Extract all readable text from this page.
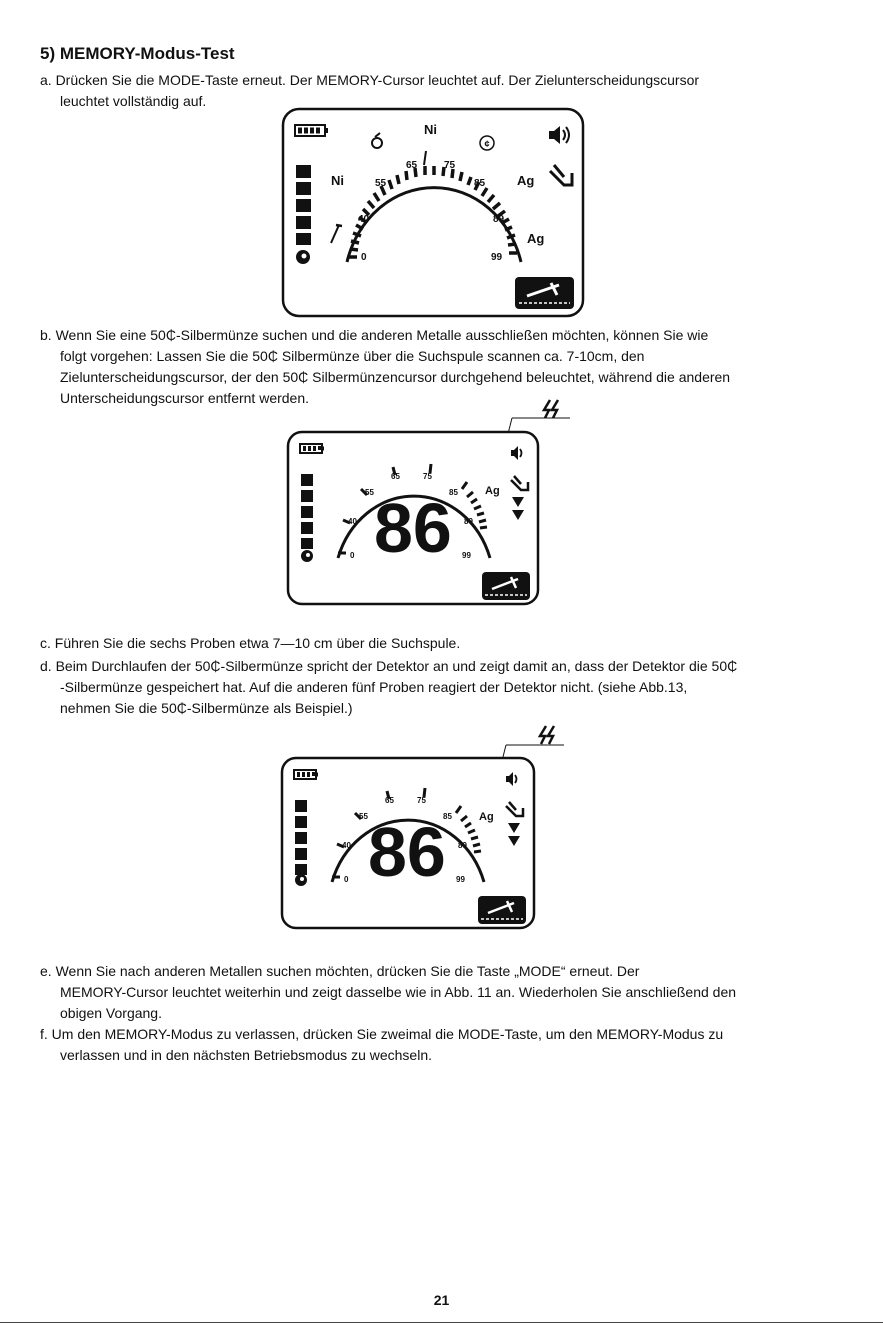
5) MEMORY-Modus-Test
a. Drücken Sie die MODE-Taste erneut. Der MEMORY-Cursor leuchtet auf. Der Zielunterscheidungscursor
leuchtet vollständig auf.
¢
0
40
55
65	75
85
89
99
Ni
Ni	Ag
Ag
b. Wenn Sie eine 50₵-Silbermünze suchen und die anderen Metalle ausschließen möchten, können Sie wie
folgt vorgehen: Lassen Sie die 50₵ Silbermünze über die Suchspule scannen ca. 7-10cm, den
Zielunterscheidungscursor, der den 50₵ Silbermünzencursor durchgehend beleuchtet, während die anderen
Unterscheidungscursor entfernt werden.
0
40
55
65	75
85
89
99
Ag
86
c. Führen Sie die sechs Proben etwa 7—10 cm über die Suchspule.
d. Beim Durchlaufen der 50₵-Silbermünze spricht der Detektor an und zeigt damit an, dass der Detektor die 50₵
-Silbermünze gespeichert hat. Auf die anderen fünf Proben reagiert der Detektor nicht. (siehe Abb.13,
nehmen Sie die 50₵-Silbermünze als Beispiel.)
0
40
55
65	75
85
89
99
Ag
86
e. Wenn Sie nach anderen Metallen suchen möchten, drücken Sie die Taste „MODE“ erneut. Der
MEMORY-Cursor leuchtet weiterhin und zeigt dasselbe wie in Abb. 11 an. Wiederholen Sie anschließend den
obigen Vorgang.
f. Um den MEMORY-Modus zu verlassen, drücken Sie zweimal die MODE-Taste, um den MEMORY-Modus zu
verlassen und in den nächsten Betriebsmodus zu wechseln.
21
